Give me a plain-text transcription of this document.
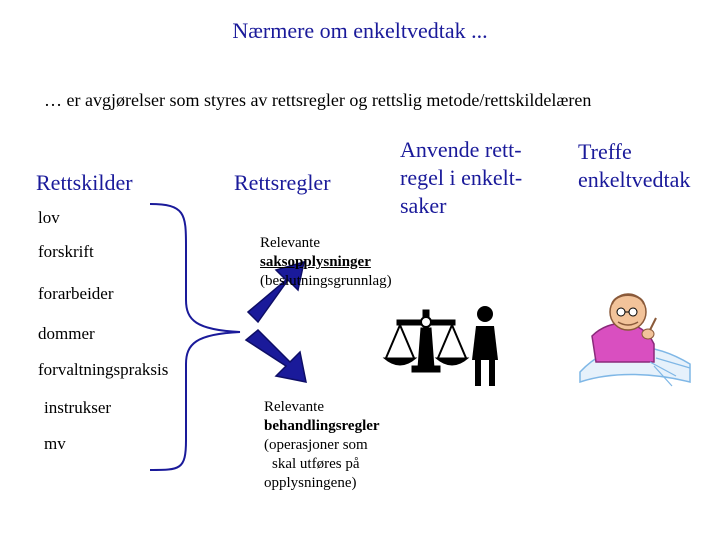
Nærmere om enkeltvedtak ...
… er avgjørelser som styres av rettsregler og rettslig metode/rettskildelæren
Rettskilder	Rettsregler
Anvende rett-
regel i enkelt-
saker
Treffe
enkeltvedtak
lov
forskrift
forarbeider
dommer
forvaltningspraksis
instrukser
mv
Relevante
saksopplysninger
(beslutningsgrunnlag)
Relevante
behandlingsregler
(operasjoner som
skal utføres på
opplysningene)
